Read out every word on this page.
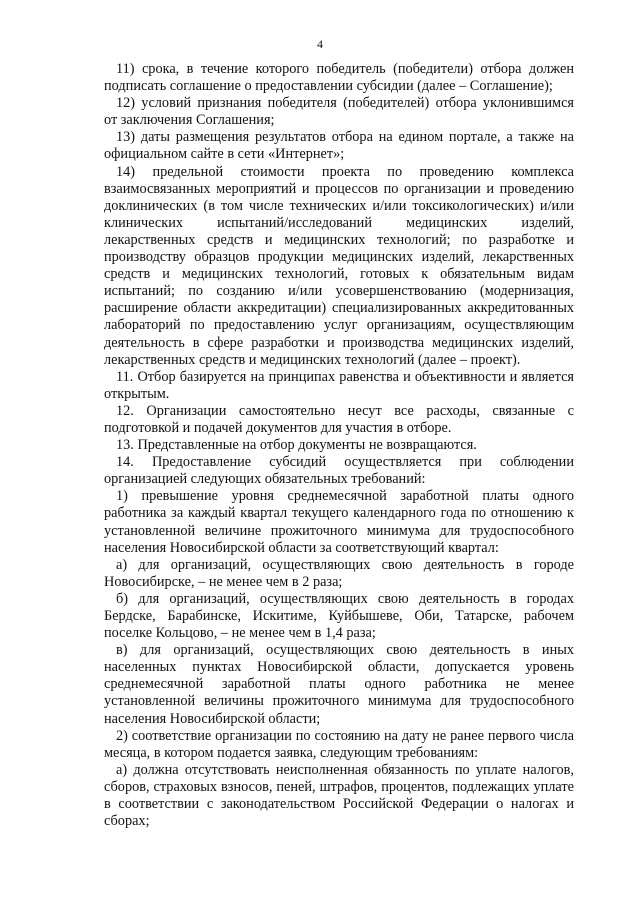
4

11) срока, в течение которого победитель (победители) отбора должен подписать соглашение о предоставлении субсидии (далее – Соглашение);

12) условий признания победителя (победителей) отбора уклонившимся от заключения Соглашения;

13) даты размещения результатов отбора на едином портале, а также на официальном сайте в сети «Интернет»;

14) предельной стоимости проекта по проведению комплекса взаимосвязанных мероприятий и процессов по организации и проведению доклинических (в том числе технических и/или токсикологических) и/или клинических испытаний/исследований медицинских изделий, лекарственных средств и медицинских технологий; по разработке и производству образцов продукции медицинских изделий, лекарственных средств и медицинских технологий, готовых к обязательным видам испытаний; по созданию и/или усовершенствованию (модернизация, расширение области аккредитации) специализированных аккредитованных лабораторий по предоставлению услуг организациям, осуществляющим деятельность в сфере разработки и производства медицинских изделий, лекарственных средств и медицинских технологий (далее – проект).

11. Отбор базируется на принципах равенства и объективности и является открытым.

12. Организации самостоятельно несут все расходы, связанные с подготовкой и подачей документов для участия в отборе.

13. Представленные на отбор документы не возвращаются.

14. Предоставление субсидий осуществляется при соблюдении организацией следующих обязательных требований:

1) превышение уровня среднемесячной заработной платы одного работника за каждый квартал текущего календарного года по отношению к установленной величине прожиточного минимума для трудоспособного населения Новосибирской области за соответствующий квартал:

а) для организаций, осуществляющих свою деятельность в городе Новосибирске, – не менее чем в 2 раза;

б) для организаций, осуществляющих свою деятельность в городах Бердске, Барабинске, Искитиме, Куйбышеве, Оби, Татарске, рабочем поселке Кольцово, – не менее чем в 1,4 раза;

в) для организаций, осуществляющих свою деятельность в иных населенных пунктах Новосибирской области, допускается уровень среднемесячной заработной платы одного работника не менее установленной величины прожиточного минимума для трудоспособного населения Новосибирской области;

2) соответствие организации по состоянию на дату не ранее первого числа месяца, в котором подается заявка, следующим требованиям:

а) должна отсутствовать неисполненная обязанность по уплате налогов, сборов, страховых взносов, пеней, штрафов, процентов, подлежащих уплате в соответствии с законодательством Российской Федерации о налогах и сборах;
